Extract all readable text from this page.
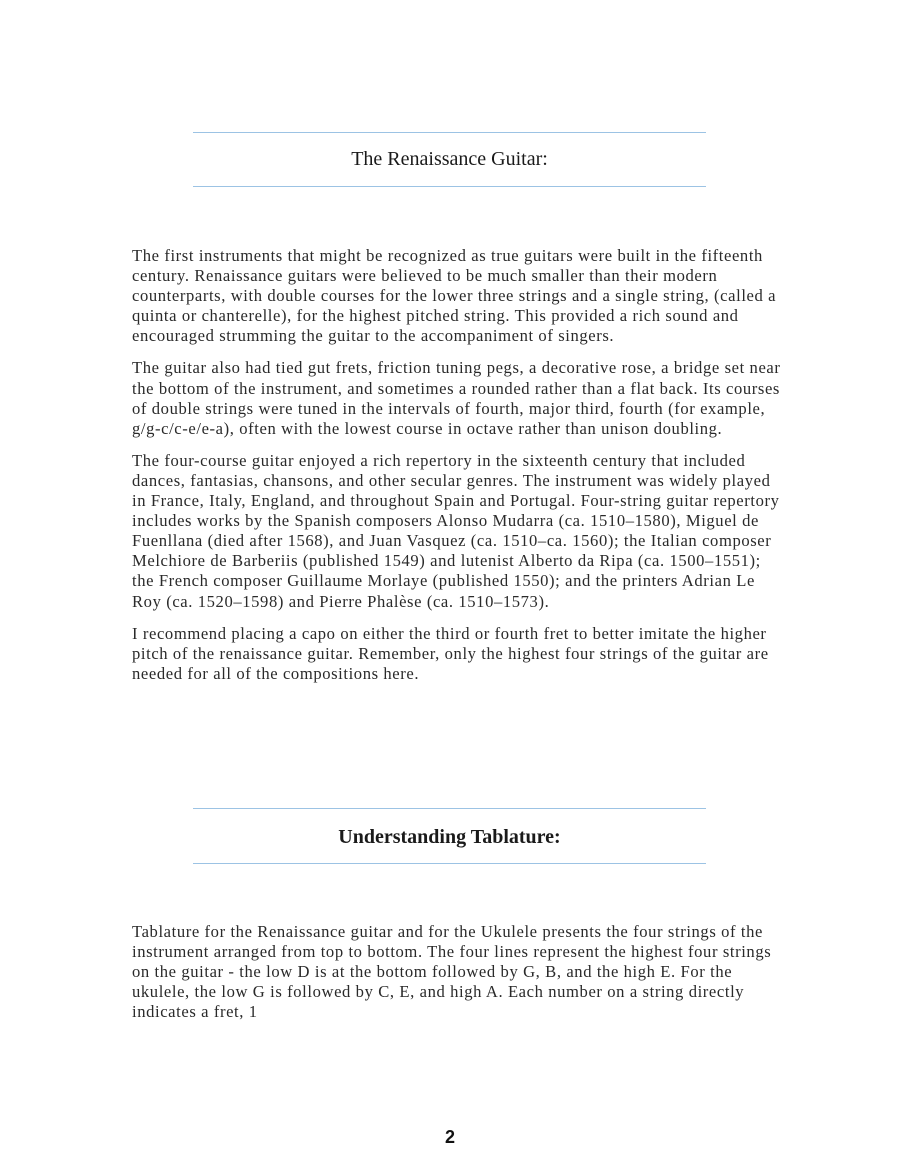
The Renaissance Guitar:

The first instruments that might be recognized as true guitars were built in the fifteenth century. Renaissance guitars were believed to be much smaller than their modern counterparts, with double courses for the lower three strings and a single string, (called a quinta or chanterelle), for the highest pitched string. This provided a rich sound and encouraged strumming the guitar to the accompaniment of singers.

The guitar also had tied gut frets, friction tuning pegs, a decorative rose, a bridge set near the bottom of the instrument, and sometimes a rounded rather than a flat back. Its courses of double strings were tuned in the intervals of fourth, major third, fourth (for example, g/g-c/c-e/e-a), often with the lowest course in octave rather than unison doubling.

The four-course guitar enjoyed a rich repertory in the sixteenth century that included dances, fantasias, chansons, and other secular genres. The instrument was widely played in France, Italy, England, and throughout Spain and Portugal. Four-string guitar repertory includes works by the Spanish composers Alonso Mudarra (ca. 1510–1580), Miguel de Fuenllana (died after 1568), and Juan Vasquez (ca. 1510–ca. 1560); the Italian composer Melchiore de Barberiis (published 1549) and lutenist Alberto da Ripa (ca. 1500–1551); the French composer Guillaume Morlaye (published 1550); and the printers Adrian Le Roy (ca. 1520–1598) and Pierre Phalèse (ca. 1510–1573).

I recommend placing a capo on either the third or fourth fret to better imitate the higher pitch of the renaissance guitar. Remember, only the highest four strings of the guitar are needed for all of the compositions here.

Understanding Tablature:

Tablature for the Renaissance guitar and for the Ukulele presents the four strings of the instrument arranged from top to bottom. The four lines represent the highest four strings on the guitar - the low D is at the bottom followed by G, B, and the high E. For the ukulele, the low G is followed by C, E, and high A. Each number on a string directly indicates a fret, 1

2
